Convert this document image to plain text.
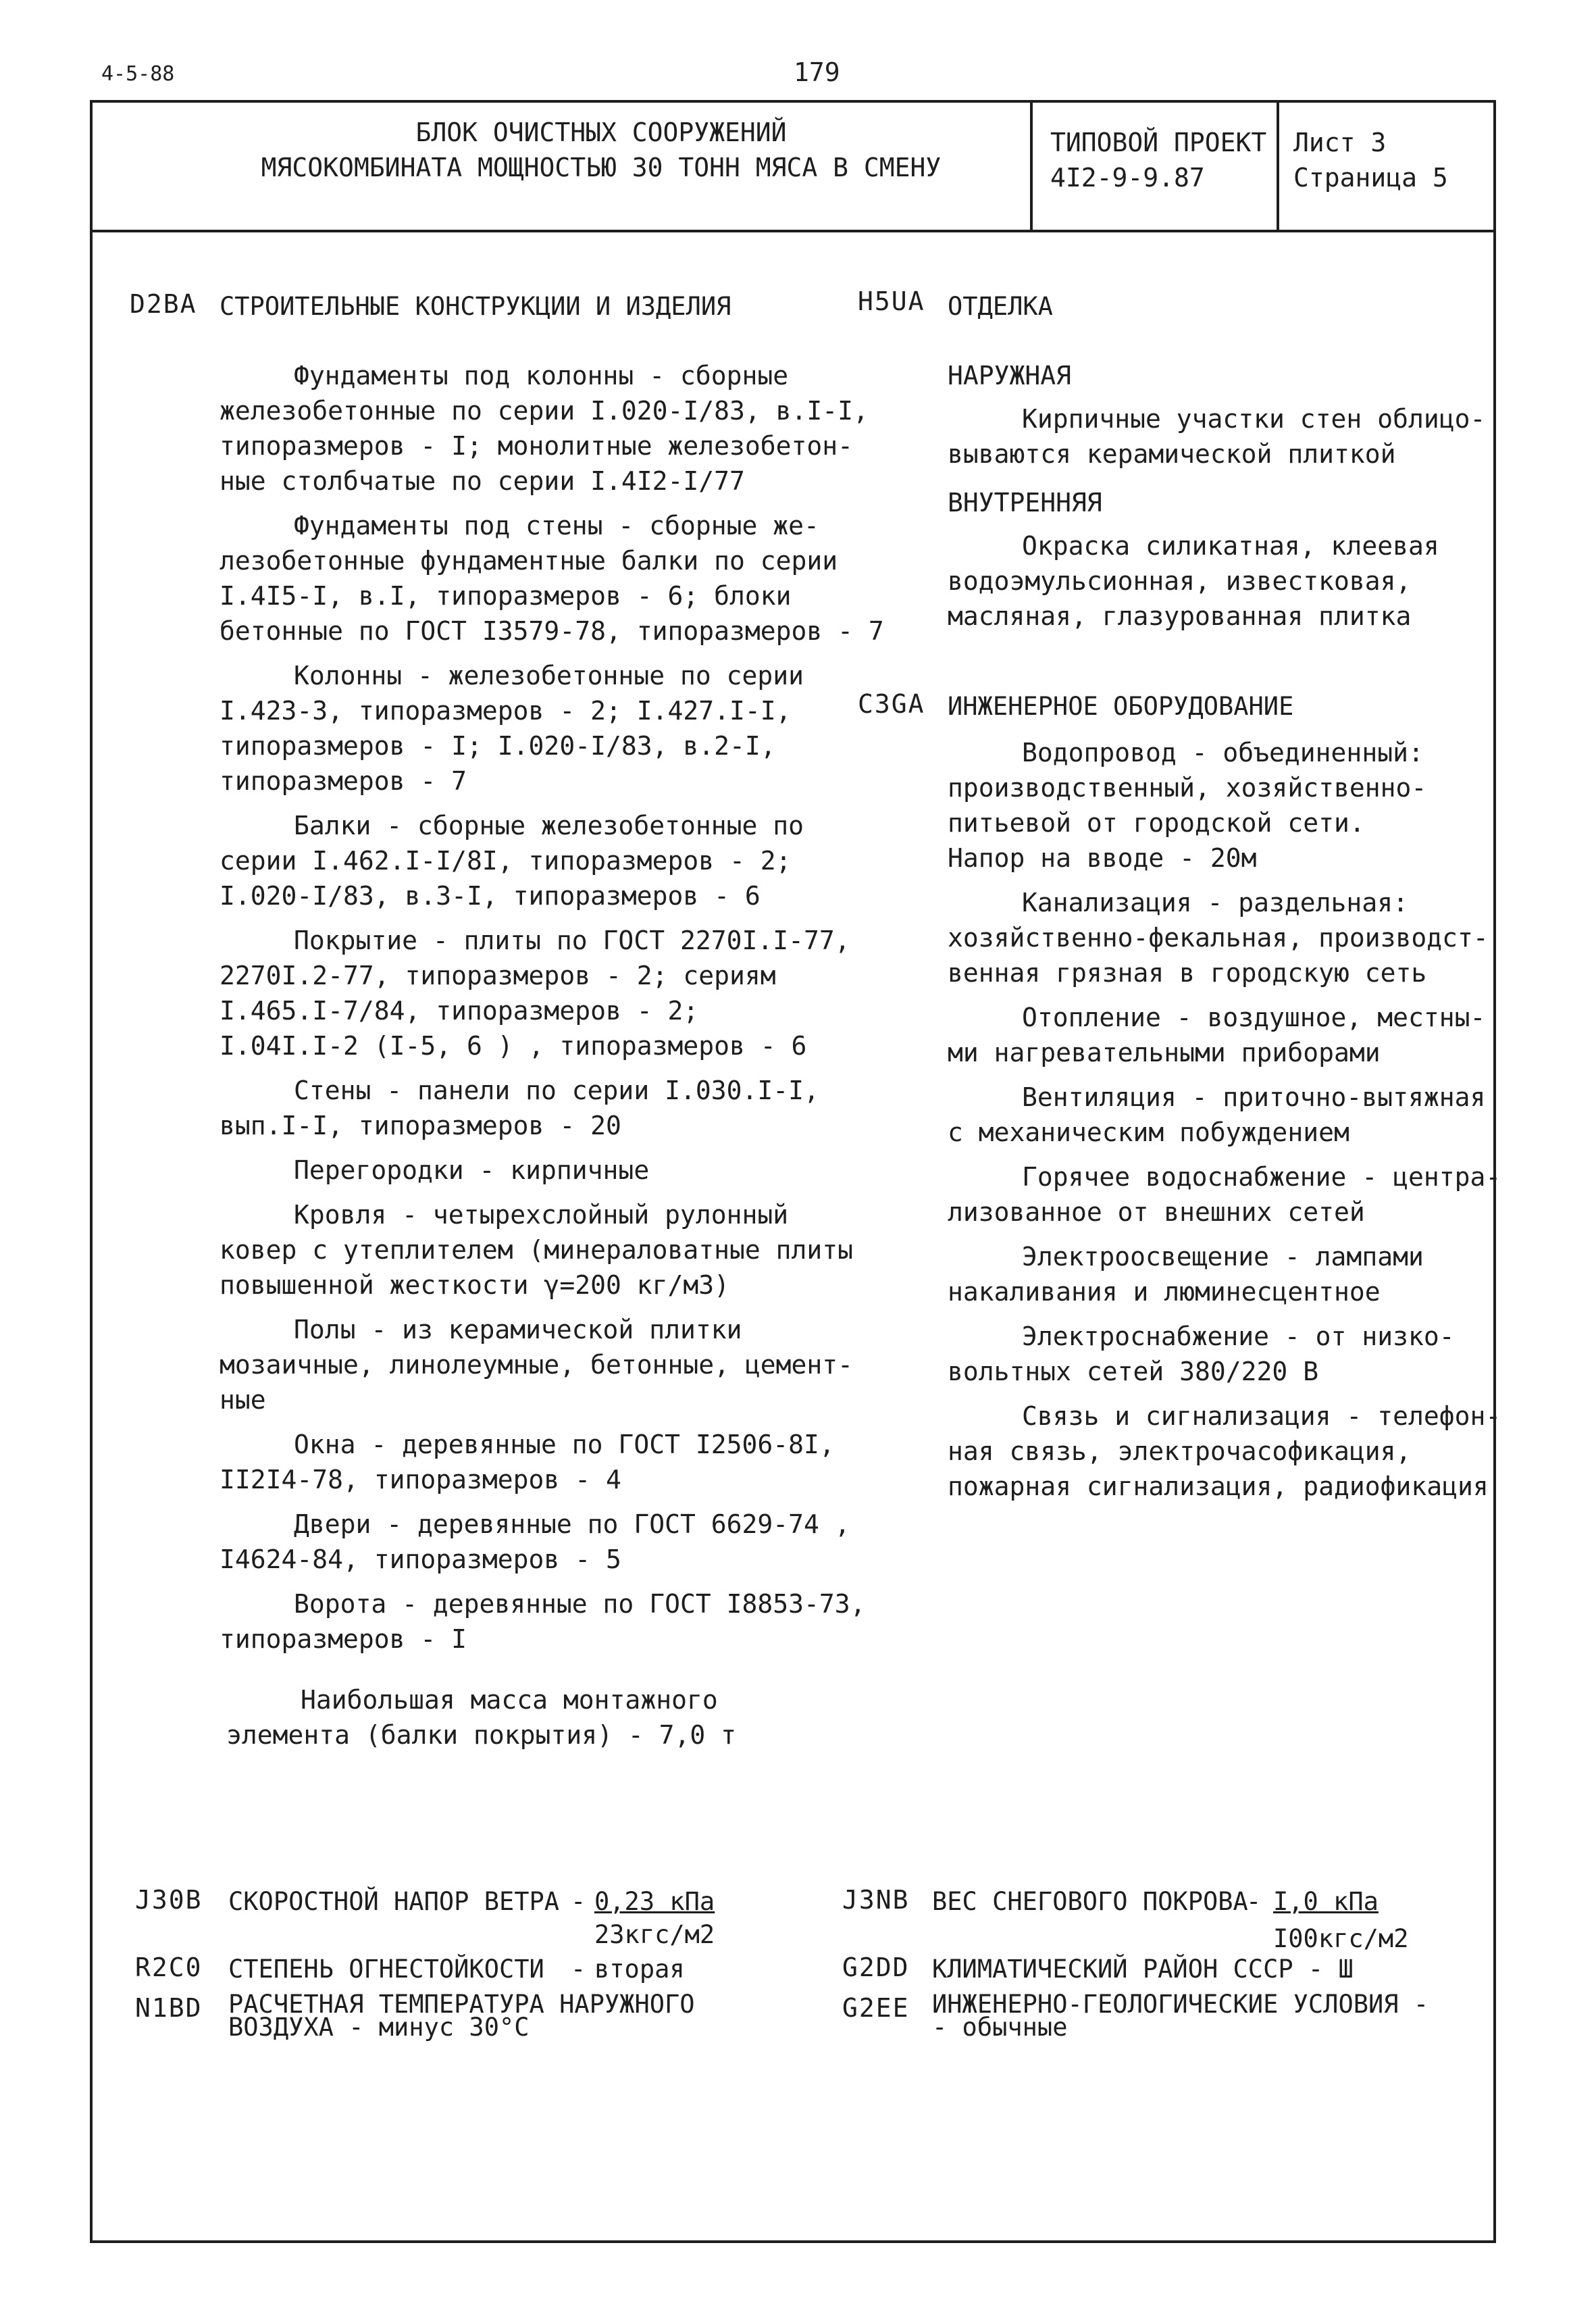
4-5-88	179
БЛОК ОЧИСТНЫХ СООРУЖЕНИЙ
МЯСОКОМБИНАТА МОЩНОСТЬЮ 30 ТОНН МЯСА В СМЕНУ
ТИПОВОЙ ПРОЕКТ
4I2-9-9.87
Лист 3
Страница 5
D2BA СТРОИТЕЛЬНЫЕ КОНСТРУКЦИИ И ИЗДЕЛИЯ
Фундаменты под колонны - сборные
железобетонные по серии I.020-I/83, в.I-I,
типоразмеров - I; монолитные железобетон-
ные столбчатые по серии I.4I2-I/77
Фундаменты под стены - сборные же-
лезобетонные фундаментные балки по серии
I.4I5-I, в.I, типоразмеров - 6; блоки
бетонные по ГОСТ I3579-78, типоразмеров - 7
Колонны - железобетонные по серии
I.423-3, типоразмеров - 2; I.427.I-I,
типоразмеров - I; I.020-I/83, в.2-I,
типоразмеров - 7
Балки - сборные железобетонные по
серии I.462.I-I/8I, типоразмеров - 2;
I.020-I/83, в.3-I, типоразмеров - 6
Покрытие - плиты по ГОСТ 2270I.I-77,
2270I.2-77, типоразмеров - 2; сериям
I.465.I-7/84, типоразмеров - 2;
I.04I.I-2 (I-5, 6 ) , типоразмеров - 6
Стены - панели по серии I.030.I-I,
вып.I-I, типоразмеров - 20
Перегородки - кирпичные
Кровля - четырехслойный рулонный
ковер с утеплителем (минераловатные плиты
повышенной жесткости γ=200 кг/м3)
Полы - из керамической плитки
мозаичные, линолеумные, бетонные, цемент-
ные
Окна - деревянные по ГОСТ I2506-8I,
II2I4-78, типоразмеров - 4
Двери - деревянные по ГОСТ 6629-74 ,
I4624-84, типоразмеров - 5
Ворота - деревянные по ГОСТ I8853-73,
типоразмеров - I
Наибольшая масса монтажного
элемента (балки покрытия) - 7,0 т
H5UA ОТДЕЛКА
НАРУЖНАЯ
Кирпичные участки стен облицо-
вываются керамической плиткой
ВНУТРЕННЯЯ
Окраска силикатная, клеевая
водоэмульсионная, известковая,
масляная, глазурованная плитка
C3GA ИНЖЕНЕРНОЕ ОБОРУДОВАНИЕ
Водопровод - объединенный:
производственный, хозяйственно-
питьевой от городской сети.
Напор на вводе - 20м
Канализация - раздельная:
хозяйственно-фекальная, производст-
венная грязная в городскую сеть
Отопление - воздушное, местны-
ми нагревательными приборами
Вентиляция - приточно-вытяжная
с механическим побуждением
Горячее водоснабжение - центра-
лизованное от внешних сетей
Электроосвещение - лампами
накаливания и люминесцентное
Электроснабжение - от низко-
вольтных сетей 380/220 В
Связь и сигнализация - телефон-
ная связь, электрочасофикация,
пожарная сигнализация, радиофикация
J30B СКОРОСТНОЙ НАПОР ВЕТРА - 0,23 кПа
23кгс/м2
R2C0 СТЕПЕНЬ ОГНЕСТОЙКОСТИ - вторая
N1BD РАСЧЕТНАЯ ТЕМПЕРАТУРА НАРУЖНОГО
ВОЗДУХА - минус 30°С
J3NB ВЕС СНЕГОВОГО ПОКРОВА
- I,0 кПа
I00кгс/м2
G2DD КЛИМАТИЧЕСКИЙ РАЙОН СССР - Ш
G2EE ИНЖЕНЕРНО-ГЕОЛОГИЧЕСКИЕ УСЛОВИЯ -
- обычные
